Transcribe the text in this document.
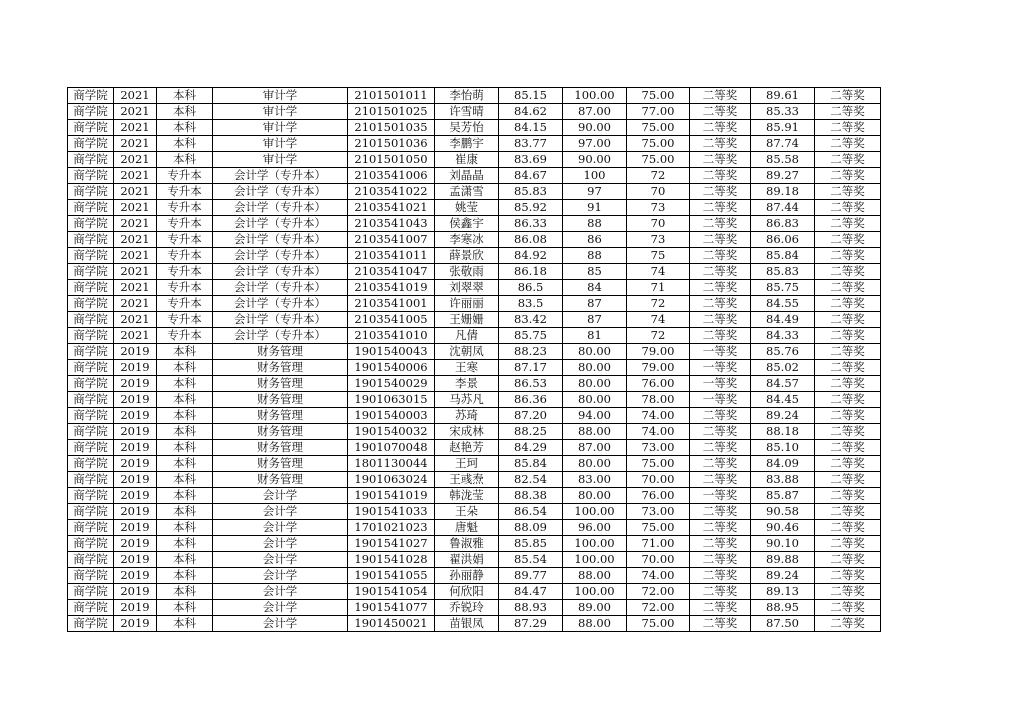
商学院	2021	本科	审计学	2101501011	李怡萌	85.15	100.00	75.00	二等奖	89.61	二等奖
商学院	2021	本科	审计学	2101501025	许雪晴	84.62	87.00	77.00	二等奖	85.33	二等奖
商学院	2021	本科	审计学	2101501035	吴芳怡	84.15	90.00	75.00	二等奖	85.91	二等奖
商学院	2021	本科	审计学	2101501036	李鹏宇	83.77	97.00	75.00	二等奖	87.74	二等奖
商学院	2021	本科	审计学	2101501050	崔康	83.69	90.00	75.00	二等奖	85.58	二等奖
商学院	2021	专升本	会计学（专升本）	2103541006	刘晶晶	84.67	100	72	二等奖	89.27	二等奖
商学院	2021	专升本	会计学（专升本）	2103541022	孟潇雪	85.83	97	70	二等奖	89.18	二等奖
商学院	2021	专升本	会计学（专升本）	2103541021	姚莹	85.92	91	73	二等奖	87.44	二等奖
商学院	2021	专升本	会计学（专升本）	2103541043	侯鑫宇	86.33	88	70	二等奖	86.83	二等奖
商学院	2021	专升本	会计学（专升本）	2103541007	李寒冰	86.08	86	73	二等奖	86.06	二等奖
商学院	2021	专升本	会计学（专升本）	2103541011	薛景欣	84.92	88	75	二等奖	85.84	二等奖
商学院	2021	专升本	会计学（专升本）	2103541047	张敬雨	86.18	85	74	二等奖	85.83	二等奖
商学院	2021	专升本	会计学（专升本）	2103541019	刘翠翠	86.5	84	71	二等奖	85.75	二等奖
商学院	2021	专升本	会计学（专升本）	2103541001	许丽丽	83.5	87	72	二等奖	84.55	二等奖
商学院	2021	专升本	会计学（专升本）	2103541005	王姗姗	83.42	87	74	二等奖	84.49	二等奖
商学院	2021	专升本	会计学（专升本）	2103541010	凡倩	85.75	81	72	二等奖	84.33	二等奖
商学院	2019	本科	财务管理	1901540043	沈朝凤	88.23	80.00	79.00	一等奖	85.76	二等奖
商学院	2019	本科	财务管理	1901540006	王寒	87.17	80.00	79.00	一等奖	85.02	二等奖
商学院	2019	本科	财务管理	1901540029	李景	86.53	80.00	76.00	一等奖	84.57	二等奖
商学院	2019	本科	财务管理	1901063015	马苏凡	86.36	80.00	78.00	一等奖	84.45	二等奖
商学院	2019	本科	财务管理	1901540003	苏琦	87.20	94.00	74.00	二等奖	89.24	二等奖
商学院	2019	本科	财务管理	1901540032	宋成林	88.25	88.00	74.00	二等奖	88.18	二等奖
商学院	2019	本科	财务管理	1901070048	赵艳芳	84.29	87.00	73.00	二等奖	85.10	二等奖
商学院	2019	本科	财务管理	1801130044	王珂	85.84	80.00	75.00	二等奖	84.09	二等奖
商学院	2019	本科	财务管理	1901063024	王彧焘	82.54	83.00	70.00	二等奖	83.88	二等奖
商学院	2019	本科	会计学	1901541019	韩泷莹	88.38	80.00	76.00	一等奖	85.87	二等奖
商学院	2019	本科	会计学	1901541033	王朵	86.54	100.00	73.00	二等奖	90.58	二等奖
商学院	2019	本科	会计学	1701021023	唐魁	88.09	96.00	75.00	二等奖	90.46	二等奖
商学院	2019	本科	会计学	1901541027	鲁淑雅	85.85	100.00	71.00	二等奖	90.10	二等奖
商学院	2019	本科	会计学	1901541028	翟洪娟	85.54	100.00	70.00	二等奖	89.88	二等奖
商学院	2019	本科	会计学	1901541055	孙丽静	89.77	88.00	74.00	二等奖	89.24	二等奖
商学院	2019	本科	会计学	1901541054	何欣阳	84.47	100.00	72.00	二等奖	89.13	二等奖
商学院	2019	本科	会计学	1901541077	乔锐玲	88.93	89.00	72.00	二等奖	88.95	二等奖
商学院	2019	本科	会计学	1901450021	苗银凤	87.29	88.00	75.00	二等奖	87.50	二等奖
